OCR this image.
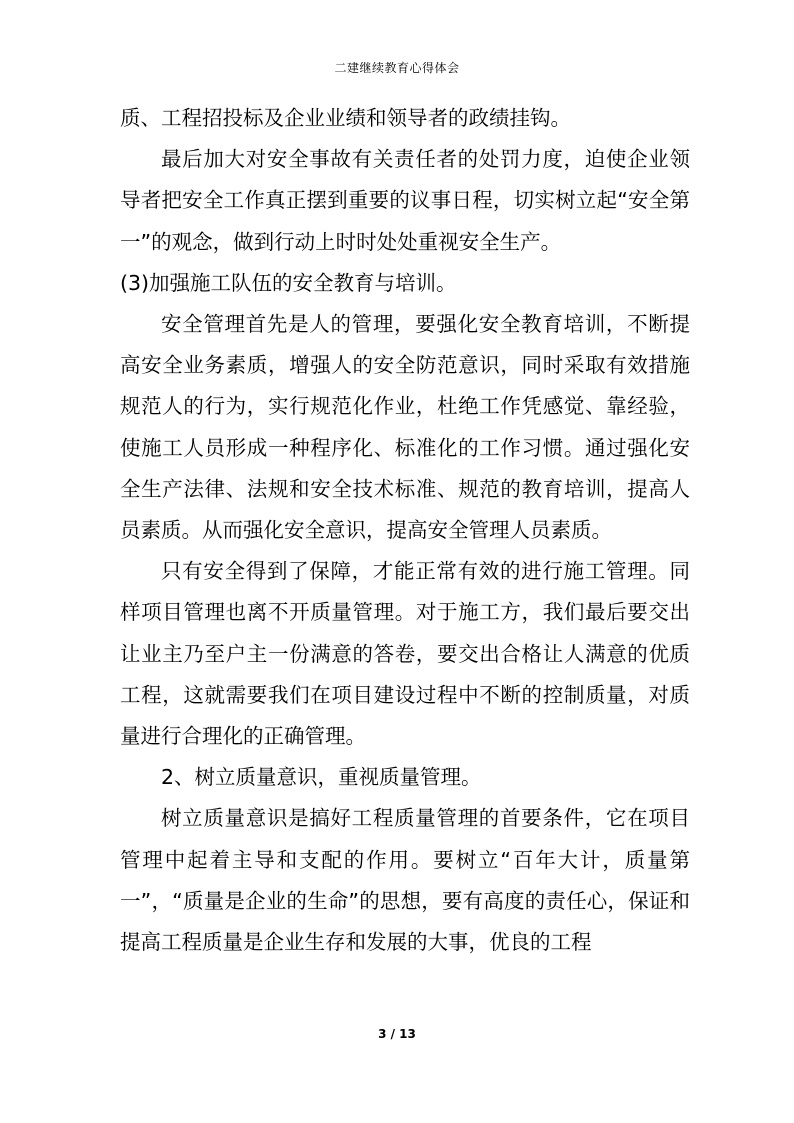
二建继续教育心得体会

质、工程招投标及企业业绩和领导者的政绩挂钩。

最后加大对安全事故有关责任者的处罚力度，迫使企业领导者把安全工作真正摆到重要的议事日程，切实树立起“安全第一”的观念，做到行动上时时处处重视安全生产。

(3)加强施工队伍的安全教育与培训。

安全管理首先是人的管理，要强化安全教育培训，不断提高安全业务素质，增强人的安全防范意识，同时采取有效措施规范人的行为，实行规范化作业，杜绝工作凭感觉、靠经验，使施工人员形成一种程序化、标准化的工作习惯。通过强化安全生产法律、法规和安全技术标准、规范的教育培训，提高人员素质。从而强化安全意识，提高安全管理人员素质。

只有安全得到了保障，才能正常有效的进行施工管理。同样项目管理也离不开质量管理。对于施工方，我们最后要交出让业主乃至户主一份满意的答卷，要交出合格让人满意的优质工程，这就需要我们在项目建设过程中不断的控制质量，对质量进行合理化的正确管理。

2、树立质量意识，重视质量管理。

树立质量意识是搞好工程质量管理的首要条件，它在项目管理中起着主导和支配的作用。要树立“百年大计，质量第一”，“质量是企业的生命”的思想，要有高度的责任心，保证和提高工程质量是企业生存和发展的大事，优良的工程

3 / 13
